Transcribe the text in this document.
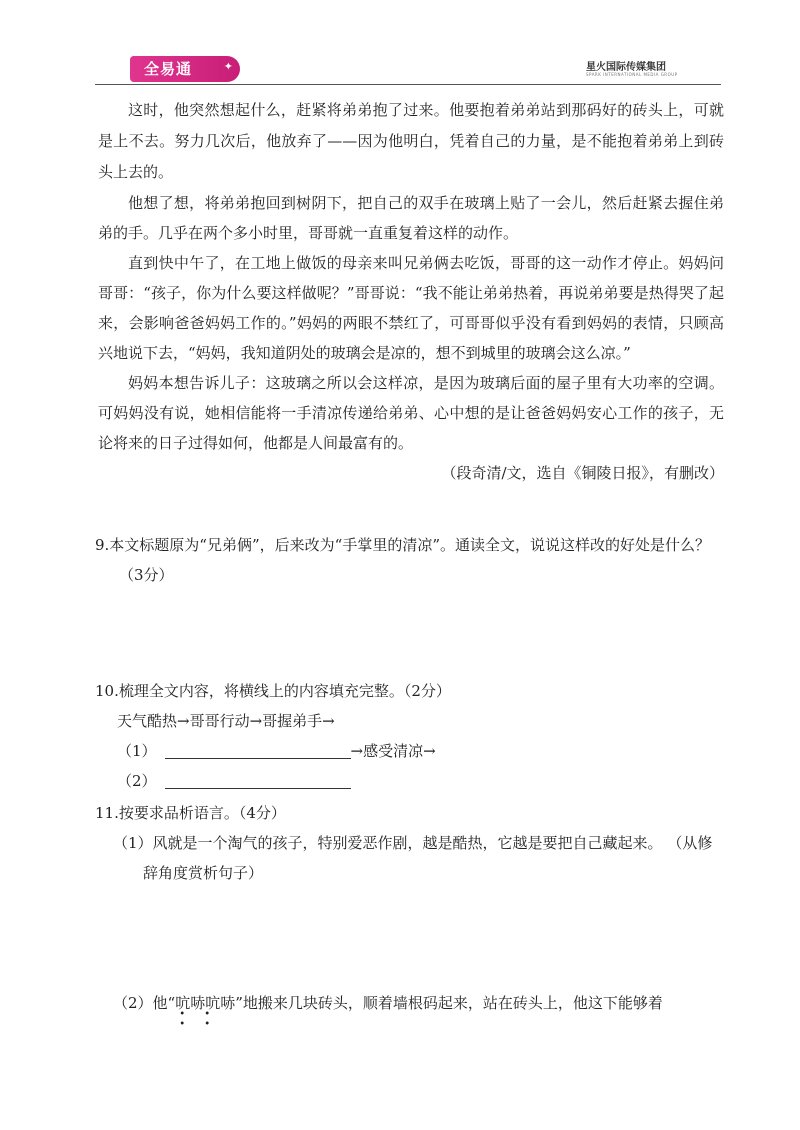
全易通	✦	星火国际传媒集团
SPARK INTERNATIONAL MEDIA GROUP

这时，他突然想起什么，赶紧将弟弟抱了过来。他要抱着弟弟站到那码好的砖头上，可就是上不去。努力几次后，他放弃了——因为他明白，凭着自己的力量，是不能抱着弟弟上到砖头上去的。

他想了想，将弟弟抱回到树阴下，把自己的双手在玻璃上贴了一会儿，然后赶紧去握住弟弟的手。几乎在两个多小时里，哥哥就一直重复着这样的动作。

直到快中午了，在工地上做饭的母亲来叫兄弟俩去吃饭，哥哥的这一动作才停止。妈妈问哥哥：“孩子，你为什么要这样做呢？”哥哥说：“我不能让弟弟热着，再说弟弟要是热得哭了起来，会影响爸爸妈妈工作的。”妈妈的两眼不禁红了，可哥哥似乎没有看到妈妈的表情，只顾高兴地说下去，“妈妈，我知道阴处的玻璃会是凉的，想不到城里的玻璃会这么凉。”

妈妈本想告诉儿子：这玻璃之所以会这样凉，是因为玻璃后面的屋子里有大功率的空调。可妈妈没有说，她相信能将一手清凉传递给弟弟、心中想的是让爸爸妈妈安心工作的孩子，无论将来的日子过得如何，他都是人间最富有的。

（段奇清/文，选自《铜陵日报》，有删改）

9.本文标题原为“兄弟俩”，后来改为“手掌里的清凉”。通读全文，说说这样改的好处是什么？（3分）

10.梳理全文内容，将横线上的内容填充完整。（2分）

天气酷热→哥哥行动→哥握弟手→

（1）	→感受清凉→

（2）

11.按要求品析语言。（4分）

（1）风就是一个淘气的孩子，特别爱恶作剧，越是酷热，它越是要把自己藏起来。 （从修辞角度赏析句子）

（2）他“吭哧吭哧
• • • •
”地搬来几块砖头，顺着墙根码起来，站在砖头上，他这下能够着
